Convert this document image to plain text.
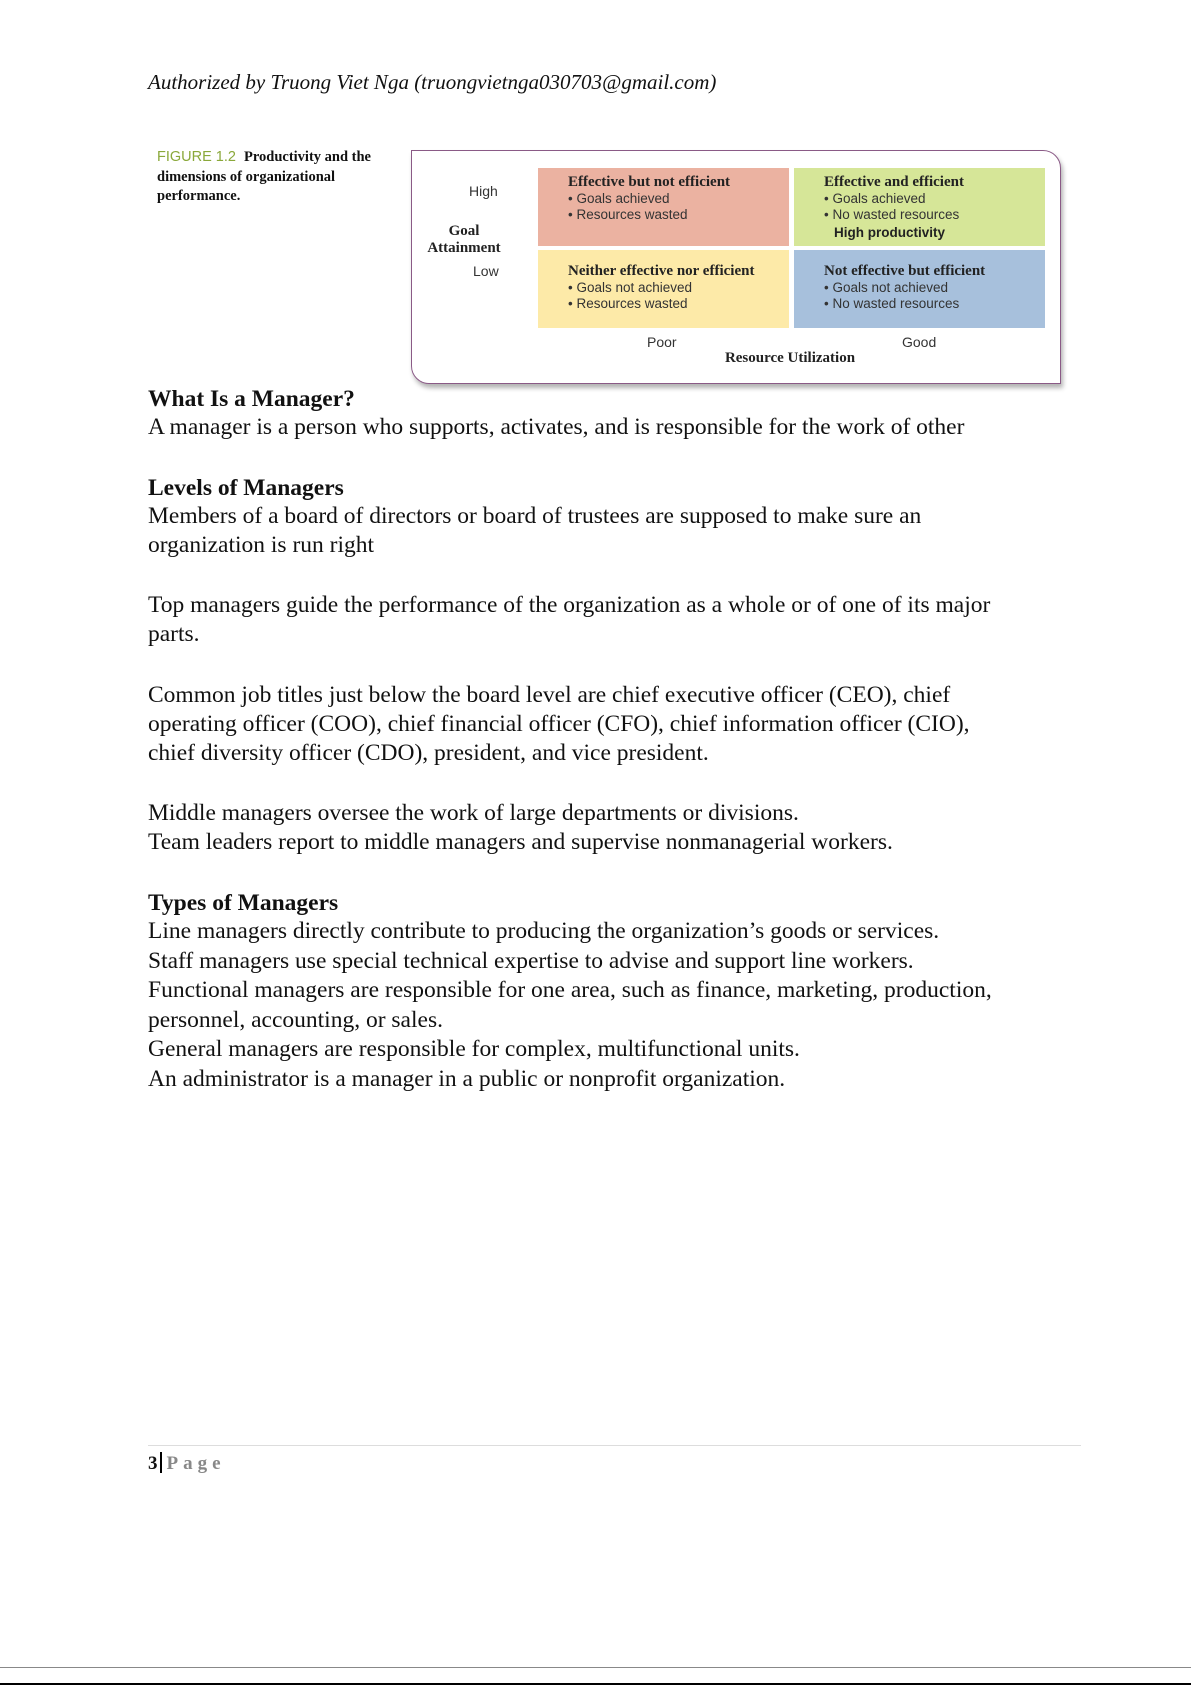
Authorized by Truong Viet Nga (truongvietnga030703@gmail.com)
FIGURE 1.2 Productivity and the dimensions of organizational performance.	High
Low
Goal
Attainment
Effective but not efficient
• Goals achieved
• Resources wasted
Effective and efficient
• Goals achieved
• No wasted resources
High productivity
Neither effective nor efficient
• Goals not achieved
• Resources wasted
Not effective but efficient
• Goals not achieved
• No wasted resources
Poor	Good
Resource Utilization
What Is a Manager?
A manager is a person who supports, activates, and is responsible for the work of other
Levels of Managers
Members of a board of directors or board of trustees are supposed to make sure an
organization is run right
Top managers guide the performance of the organization as a whole or of one of its major
parts.
Common job titles just below the board level are chief executive officer (CEO), chief
operating officer (COO), chief financial officer (CFO), chief information officer (CIO),
chief diversity officer (CDO), president, and vice president.
Middle managers oversee the work of large departments or divisions.
Team leaders report to middle managers and supervise nonmanagerial workers.
Types of Managers
Line managers directly contribute to producing the organization’s goods or services.
Staff managers use special technical expertise to advise and support line workers.
Functional managers are responsible for one area, such as finance, marketing, production,
personnel, accounting, or sales.
General managers are responsible for complex, multifunctional units.
An administrator is a manager in a public or nonprofit organization.
3 Page
